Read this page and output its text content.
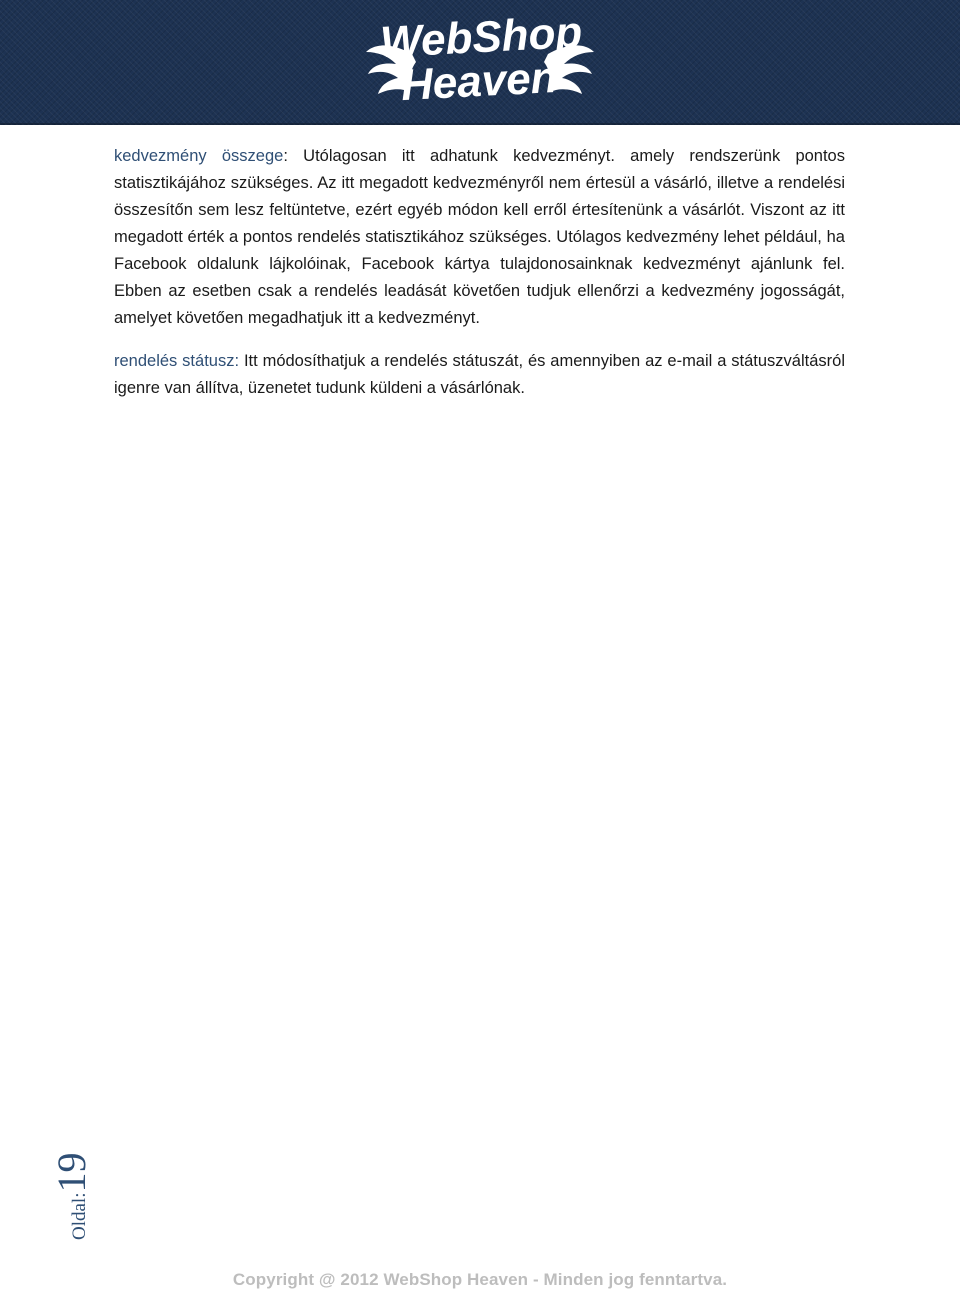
WebShop
Heaven

kedvezmény összege: Utólagosan itt adhatunk kedvezményt. amely rendszerünk pontos statisztikájához szükséges. Az itt megadott kedvezményről nem értesül a vásárló, illetve a rendelési összesítőn sem lesz feltüntetve, ezért egyéb módon kell erről értesítenünk a vásárlót. Viszont az itt megadott érték a pontos rendelés statisztikához szükséges. Utólagos kedvezmény lehet például, ha Facebook oldalunk lájkolóinak, Facebook kártya tulajdonosainknak kedvezményt ajánlunk fel. Ebben az esetben csak a rendelés leadását követően tudjuk ellenőrzi a kedvezmény jogosságát, amelyet követően megadhatjuk itt a kedvezményt.

rendelés státusz: Itt módosíthatjuk a rendelés státuszát, és amennyiben az e-mail a státuszváltásról igenre van állítva, üzenetet tudunk küldeni a vásárlónak.

Oldal:19
Copyright @ 2012 WebShop Heaven - Minden jog fenntartva.
